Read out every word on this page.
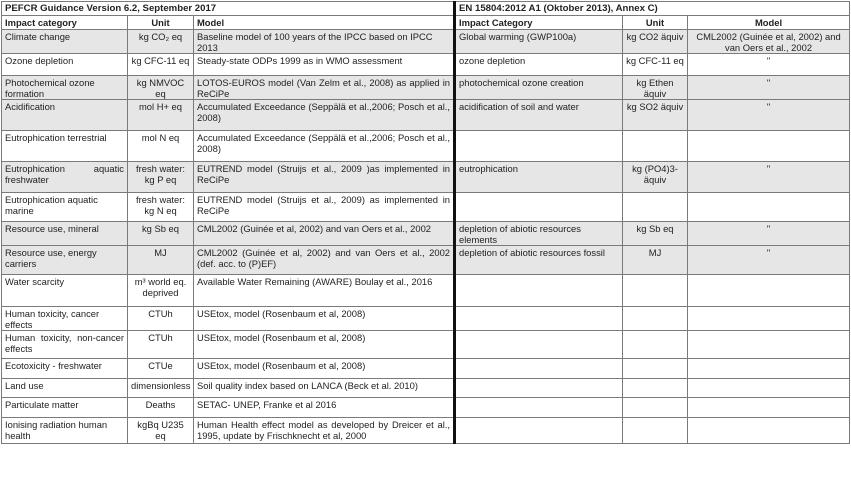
PEFCR Guidance Version 6.2, September 2017			EN 15804:2012 A1 (Oktober 2013), Annex C)		
Impact category	Unit	Model	Impact Category	Unit	Model
Climate change	kg CO₂ eq	Baseline model of 100 years of the IPCC based on IPCC 2013	Global warming (GWP100a)	kg CO2 äquiv	CML2002 (Guinée et al, 2002) and van Oers et al., 2002
Ozone depletion	kg CFC-11 eq	Steady-state ODPs 1999 as in WMO assessment	ozone depletion	kg CFC-11 eq	"
Photochemical ozone formation	kg NMVOC eq	LOTOS-EUROS model (Van Zelm et al., 2008) as applied in ReCiPe	photochemical ozone creation	kg Ethen äquiv	"
Acidification	mol H+ eq	Accumulated Exceedance (Seppälä et al.,2006; Posch et al., 2008)	acidification of soil and water	kg SO2 äquiv	"
Eutrophication terrestrial	mol N eq	Accumulated Exceedance (Seppälä et al.,2006; Posch et al., 2008)			
Eutrophication aquatic freshwater	fresh water: kg P eq	EUTREND model (Struijs et al., 2009 )as implemented in ReCiPe	eutrophication	kg (PO4)3- äquiv	"
Eutrophication aquatic marine	fresh water: kg N eq	EUTREND model (Struijs et al., 2009) as implemented in ReCiPe			
Resource use, mineral	kg Sb eq	CML2002 (Guinée et al, 2002) and van Oers et al., 2002	depletion of abiotic resources elements	kg Sb eq	"
Resource use, energy carriers	MJ	CML2002 (Guinée et al, 2002) and van Oers et al., 2002 (def. acc. to (P)EF)	depletion of abiotic resources fossil	MJ	"
Water scarcity	m³ world eq. deprived	Available Water Remaining (AWARE) Boulay et al., 2016			
Human toxicity, cancer effects	CTUh	USEtox, model (Rosenbaum et al, 2008)			
Human toxicity, non-cancer effects	CTUh	USEtox, model (Rosenbaum et al, 2008)			
Ecotoxicity - freshwater	CTUe	USEtox, model (Rosenbaum et al, 2008)			
Land use	dimensionless	Soil quality index based on LANCA (Beck et al. 2010)			
Particulate matter	Deaths	SETAC- UNEP, Franke et al 2016			
Ionising radiation human health	kgBq U235 eq	Human Health effect model as developed by Dreicer et al., 1995, update by Frischknecht et al, 2000			
